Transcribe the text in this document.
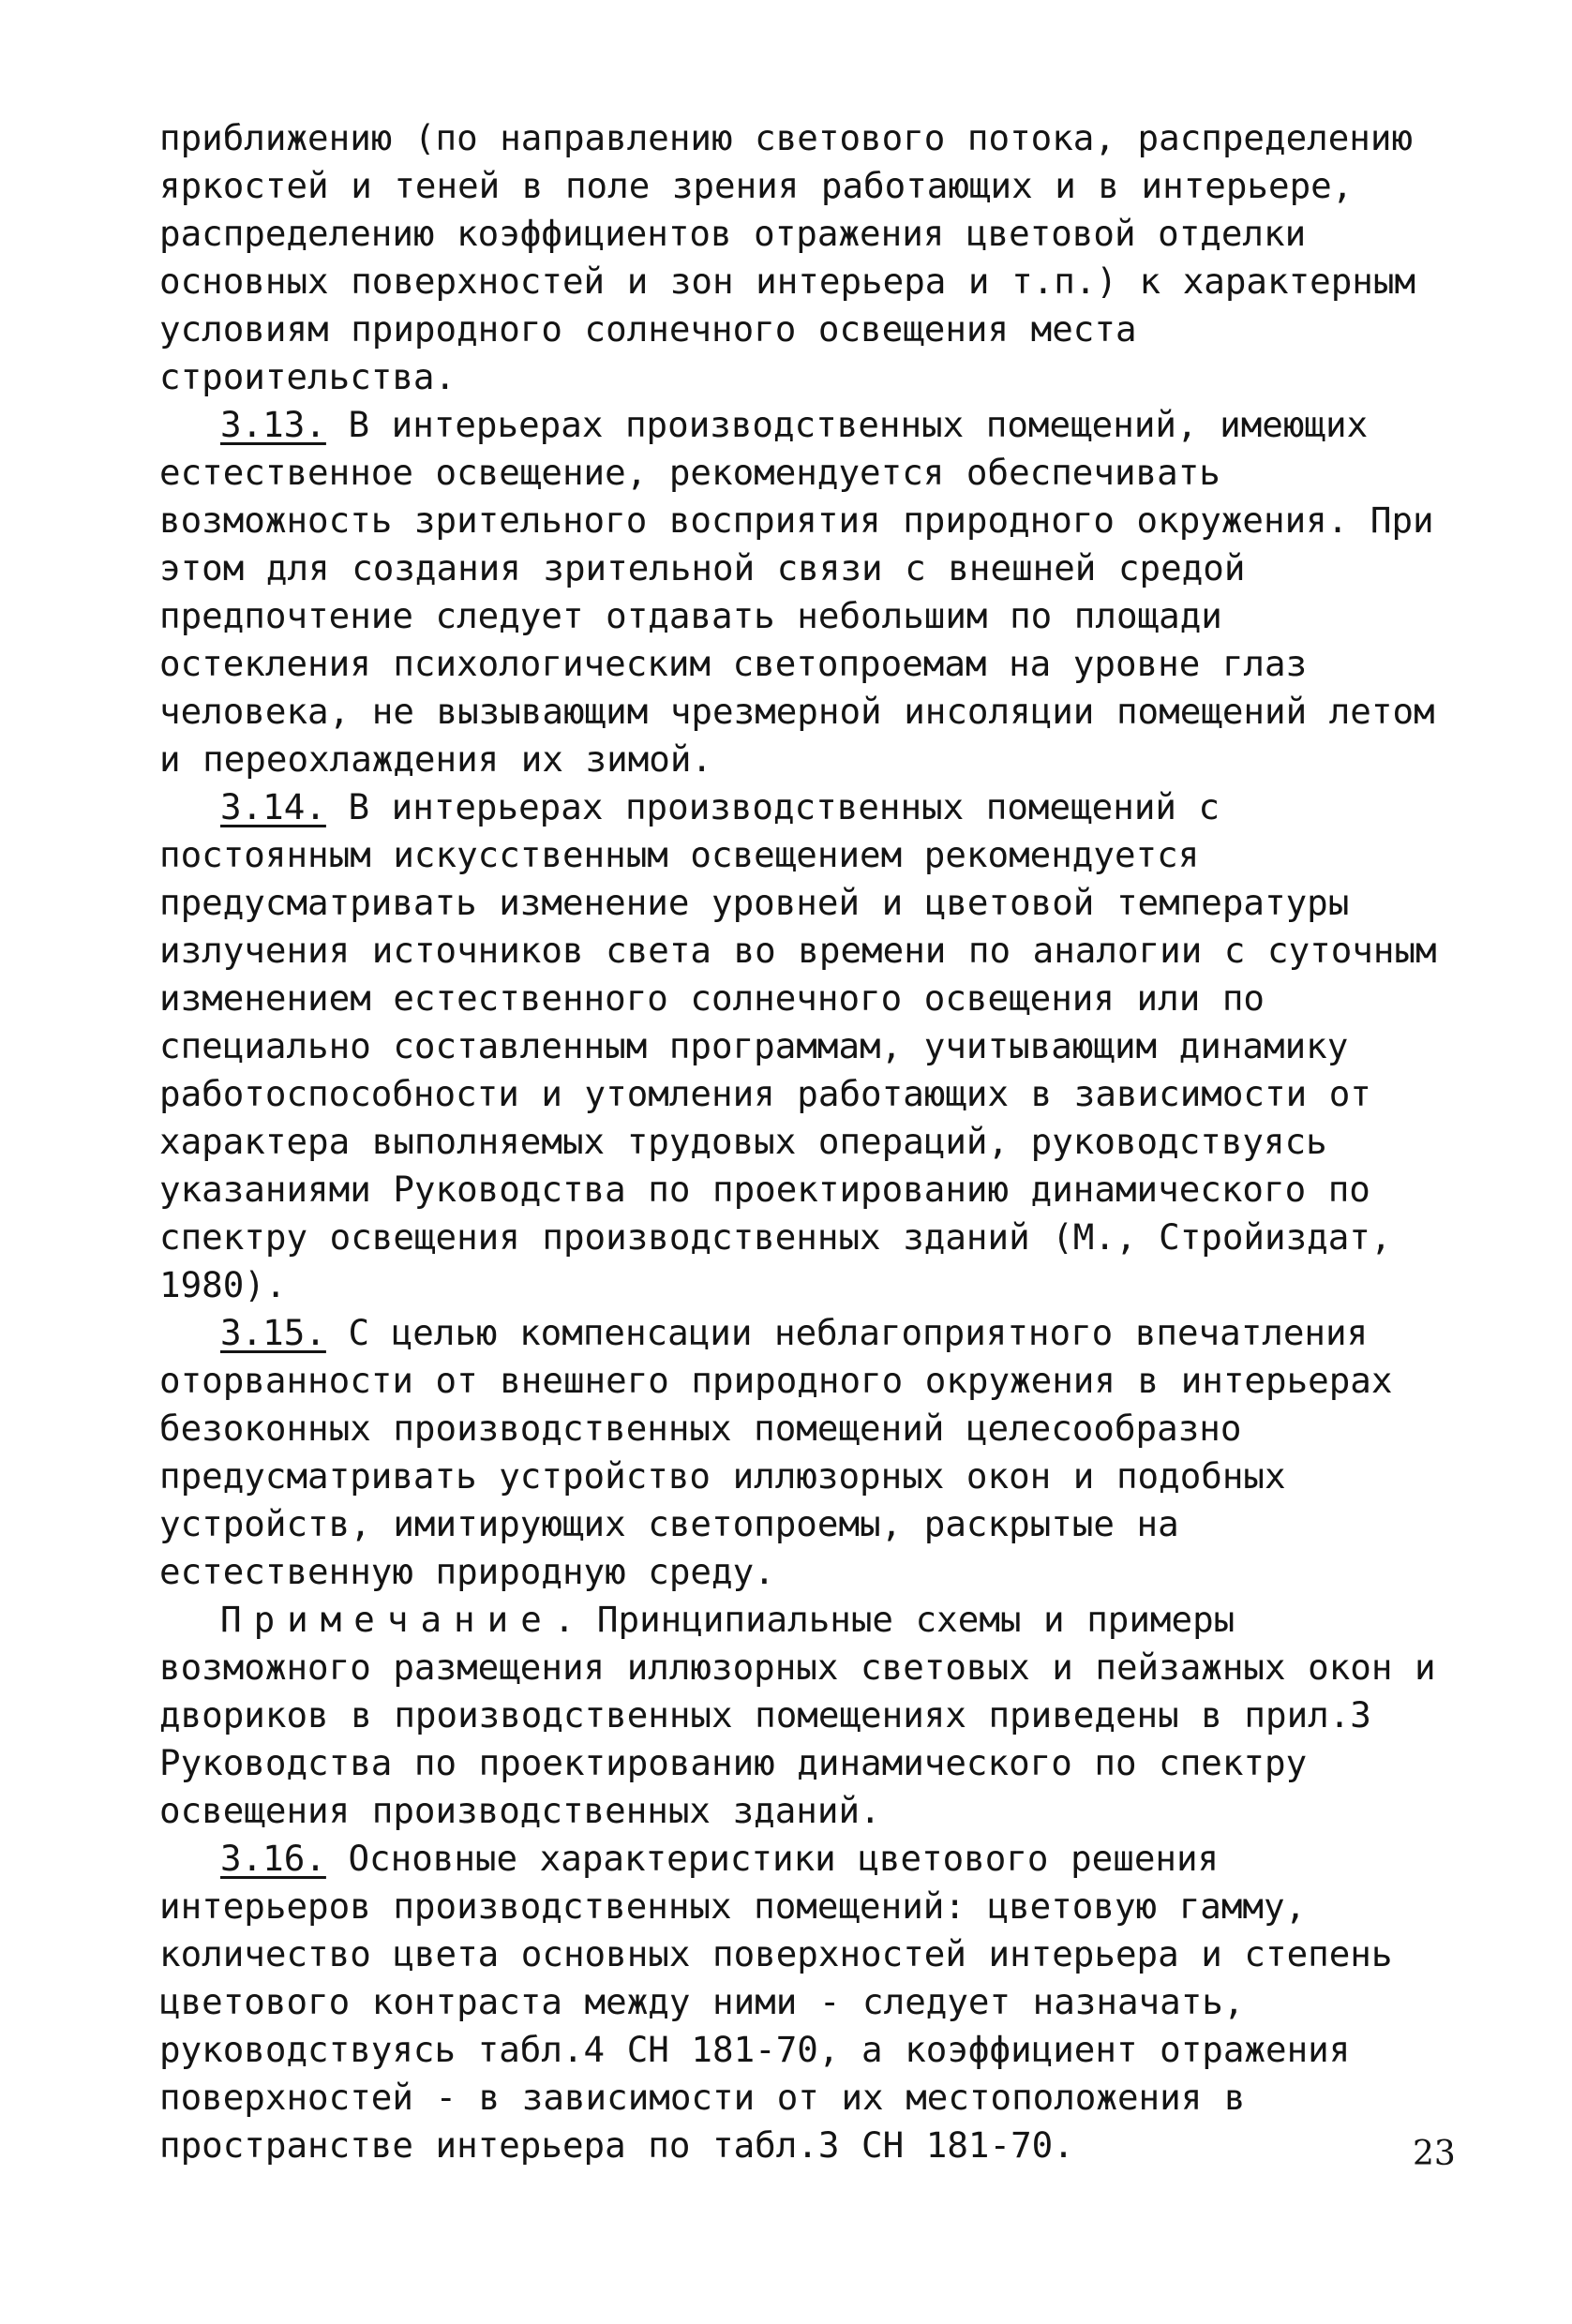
приближению (по направлению светового потока, распределению яркостей и теней в поле зрения работающих и в интерьере, распределению коэффициентов отражения цветовой отделки основных поверхностей и зон интерьера и т.п.) к характерным условиям природного солнечного освещения места строительства.

3.13. В интерьерах производственных помещений, имеющих естественное освещение, рекомендуется обеспечивать возможность зрительного восприятия природного окружения. При этом для создания зрительной связи с внешней средой предпочтение следует отдавать небольшим по площади остекления психологическим светопроемам на уровне глаз человека, не вызывающим чрезмерной инсоляции помещений летом и переохлаждения их зимой.

3.14. В интерьерах производственных помещений с постоянным искусственным освещением рекомендуется предусматривать изменение уровней и цветовой температуры излучения источников света во времени по аналогии с суточным изменением естественного солнечного освещения или по специально составленным программам, учитывающим динамику работоспособности и утомления работающих в зависимости от характера выполняемых трудовых операций, руководствуясь указаниями Руководства по проектированию динамического по спектру освещения производственных зданий (М., Стройиздат, 1980).

3.15. С целью компенсации неблагоприятного впечатления оторванности от внешнего природного окружения в интерьерах безоконных производственных помещений целесообразно предусматривать устройство иллюзорных окон и подобных устройств, имитирующих светопроемы, раскрытые на естественную природную среду.

Примечание. Принципиальные схемы и примеры возможного размещения иллюзорных световых и пейзажных окон и двориков в производственных помещениях приведены в прил.3 Руководства по проектированию динамического по спектру освещения производственных зданий.

3.16. Основные характеристики цветового решения интерьеров производственных помещений: цветовую гамму, количество цвета основных поверхностей интерьера и степень цветового контраста между ними - следует назначать, руководствуясь табл.4 СН 181-70, а коэффициент отражения поверхностей - в зависимости от их местоположения в пространстве интерьера по табл.3 СН 181-70.	23
